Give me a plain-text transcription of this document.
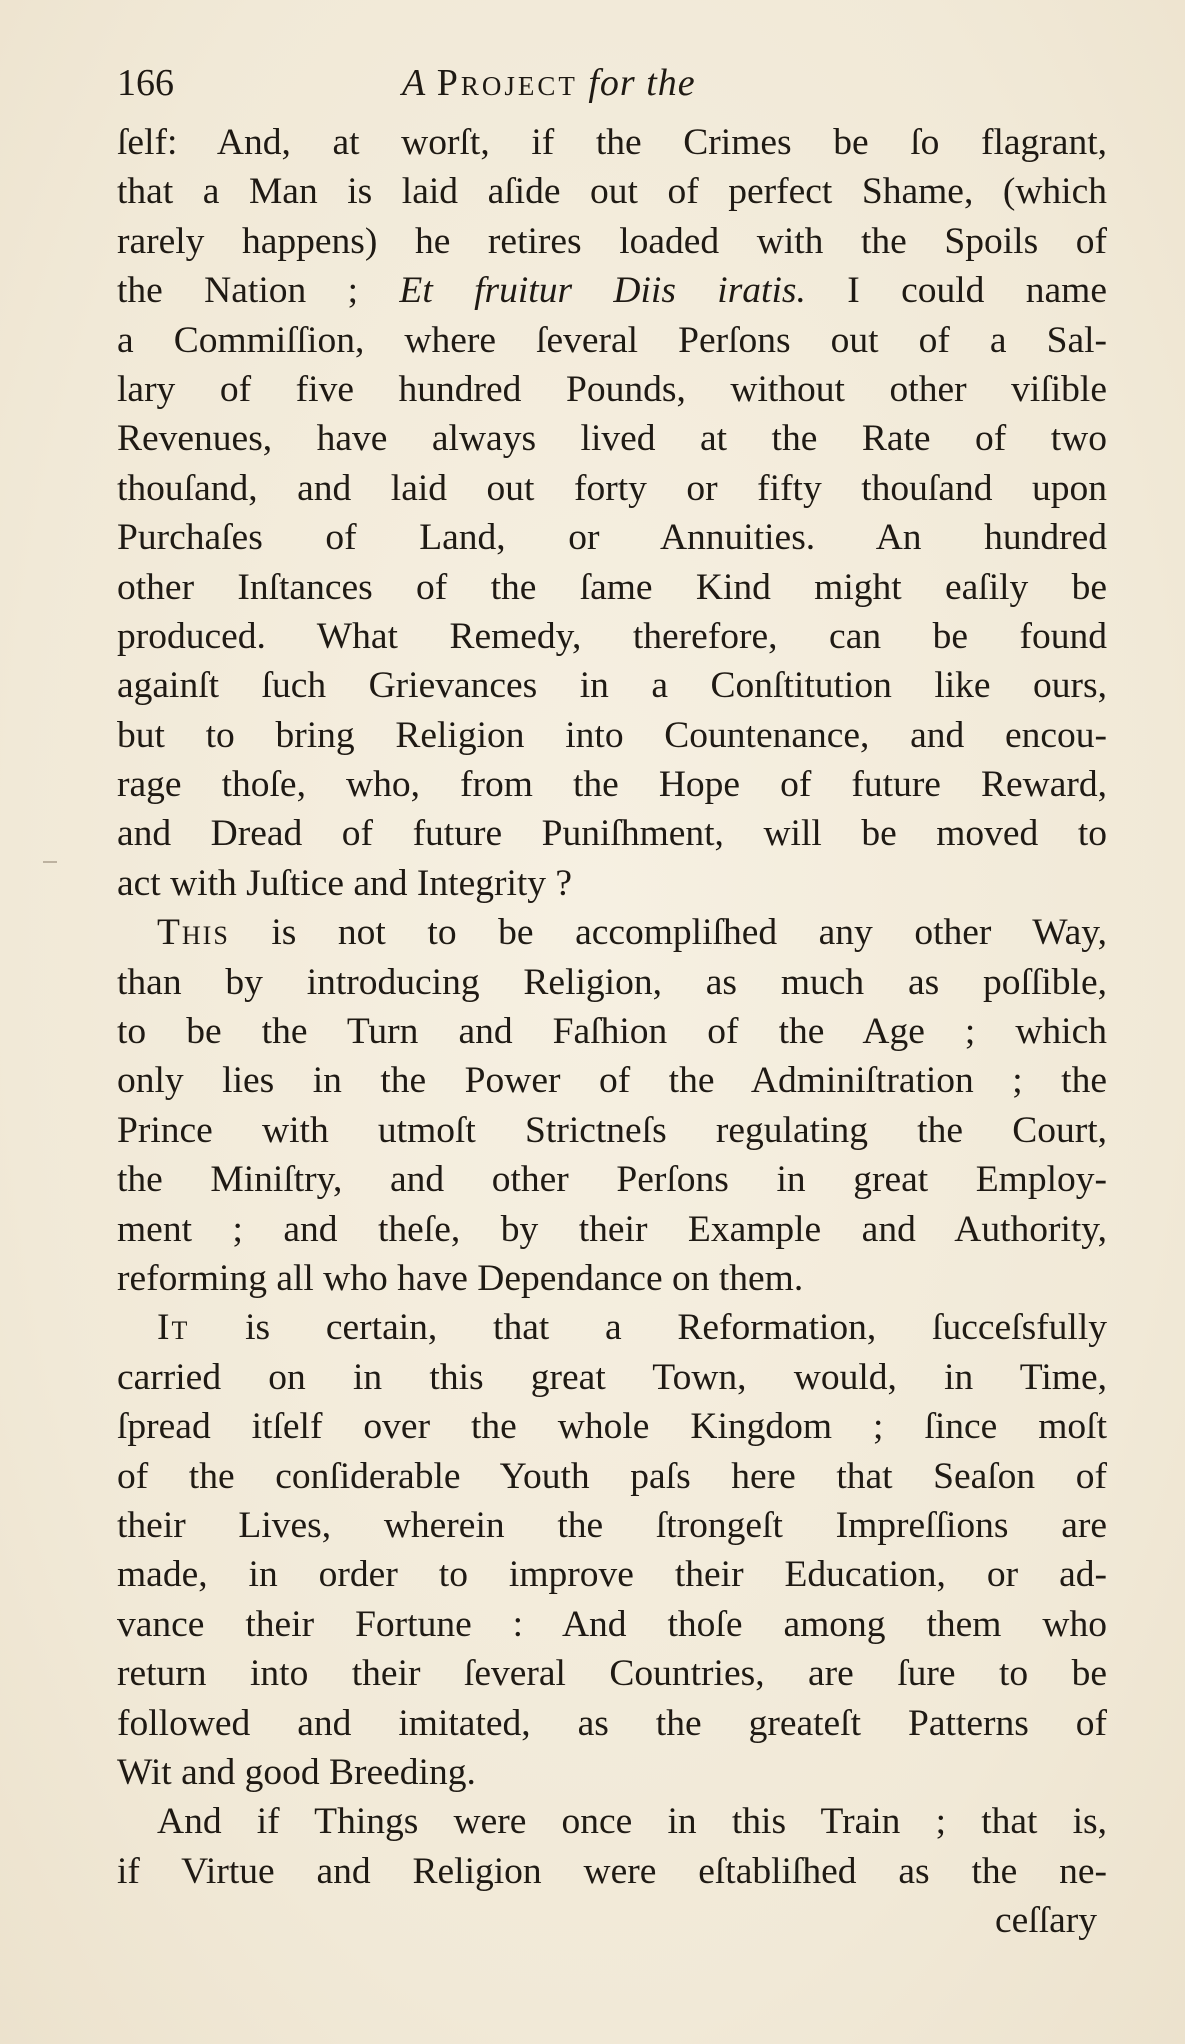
166	A Project for the
ſelf: And, at worſt, if the Crimes be ſo flagrant,
that a Man is laid aſide out of perfect Shame, (which
rarely happens) he retires loaded with the Spoils of
the Nation ; Et fruitur Diis iratis. I could name
a Commiſſion, where ſeveral Perſons out of a Sal-
lary of five hundred Pounds, without other viſible
Revenues, have always lived at the Rate of two
thouſand, and laid out forty or fifty thouſand upon
Purchaſes of Land, or Annuities. An hundred
other Inſtances of the ſame Kind might eaſily be
produced. What Remedy, therefore, can be found
againſt ſuch Grievances in a Conſtitution like ours,
but to bring Religion into Countenance, and encou-
rage thoſe, who, from the Hope of future Reward,
and Dread of future Puniſhment, will be moved to
act with Juſtice and Integrity ?
This is not to be accompliſhed any other Way,
than by introducing Religion, as much as poſſible,
to be the Turn and Faſhion of the Age ; which
only lies in the Power of the Adminiſtration ; the
Prince with utmoſt Strictneſs regulating the Court,
the Miniſtry, and other Perſons in great Employ-
ment ; and theſe, by their Example and Authority,
reforming all who have Dependance on them.
It is certain, that a Reformation, ſucceſsfully
carried on in this great Town, would, in Time,
ſpread itſelf over the whole Kingdom ; ſince moſt
of the conſiderable Youth paſs here that Seaſon of
their Lives, wherein the ſtrongeſt Impreſſions are
made, in order to improve their Education, or ad-
vance their Fortune : And thoſe among them who
return into their ſeveral Countries, are ſure to be
followed and imitated, as the greateſt Patterns of
Wit and good Breeding.
And if Things were once in this Train ; that is,
if Virtue and Religion were eſtabliſhed as the ne-
ceſſary
